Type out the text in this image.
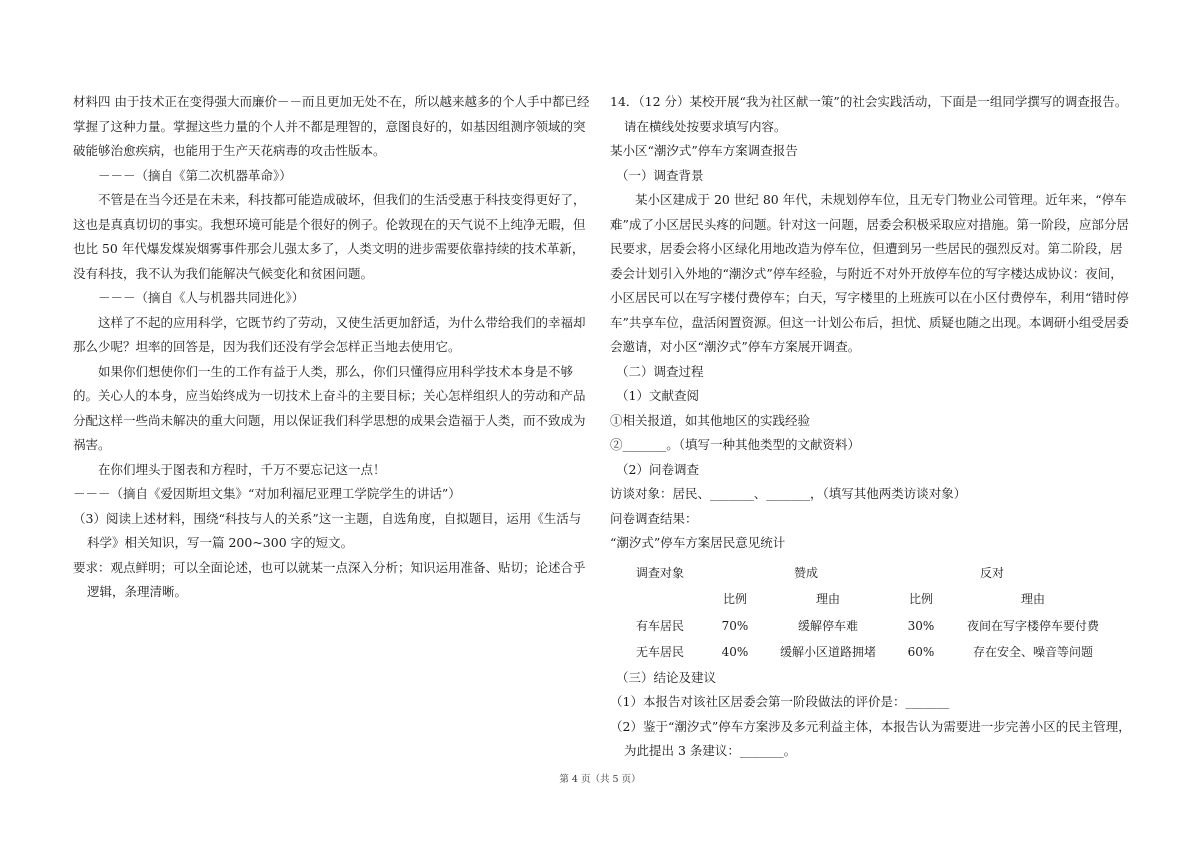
材料四 由于技术正在变得强大而廉价－－而且更加无处不在，所以越来越多的个人手中都已经掌握了这种力量。掌握这些力量的个人并不都是理智的，意图良好的，如基因组测序领域的突破能够治愈疾病，也能用于生产天花病毒的攻击性版本。

－－－（摘自《第二次机器革命》）

不管是在当今还是在未来，科技都可能造成破坏，但我们的生活受惠于科技变得更好了，这也是真真切切的事实。我想环境可能是个很好的例子。伦敦现在的天气说不上纯净无暇，但也比 50 年代爆发煤炭烟雾事件那会儿强太多了，人类文明的进步需要依靠持续的技术革新，没有科技，我不认为我们能解决气候变化和贫困问题。

－－－（摘自《人与机器共同进化》）

这样了不起的应用科学，它既节约了劳动，又使生活更加舒适，为什么带给我们的幸福却那么少呢？坦率的回答是，因为我们还没有学会怎样正当地去使用它。

如果你们想使你们一生的工作有益于人类，那么，你们只懂得应用科学技术本身是不够的。关心人的本身，应当始终成为一切技术上奋斗的主要目标；关心怎样组织人的劳动和产品分配这样一些尚未解决的重大问题，用以保证我们科学思想的成果会造福于人类，而不致成为祸害。

在你们埋头于图表和方程时，千万不要忘记这一点！

－－－（摘自《爱因斯坦文集》“对加利福尼亚理工学院学生的讲话”）

（3）阅读上述材料，围绕“科技与人的关系”这一主题，自选角度，自拟题目，运用《生活与科学》相关知识，写一篇 200~300 字的短文。

要求：观点鲜明；可以全面论述，也可以就某一点深入分析；知识运用准备、贴切；论述合乎逻辑，条理清晰。

14．（12 分）某校开展“我为社区献一策”的社会实践活动，下面是一组同学撰写的调查报告。请在横线处按要求填写内容。

某小区“潮汐式”停车方案调查报告

（一）调查背景

某小区建成于 20 世纪 80 年代，未规划停车位，且无专门物业公司管理。近年来，“停车难”成了小区居民头疼的问题。针对这一问题，居委会积极采取应对措施。第一阶段，应部分居民要求，居委会将小区绿化用地改造为停车位，但遭到另一些居民的强烈反对。第二阶段，居委会计划引入外地的“潮汐式”停车经验，与附近不对外开放停车位的写字楼达成协议：夜间，小区居民可以在写字楼付费停车；白天，写字楼里的上班族可以在小区付费停车，利用“错时停车”共享车位，盘活闲置资源。但这一计划公布后，担忧、质疑也随之出现。本调研小组受居委会邀请，对小区“潮汐式”停车方案展开调查。

（二）调查过程

（1）文献查阅

①相关报道，如其他地区的实践经验

②_______。（填写一种其他类型的文献资料）

（2）问卷调查

访谈对象：居民、_______、_______，（填写其他两类访谈对象）

问卷调查结果：

“潮汐式”停车方案居民意见统计

调查对象	赞成		反对	
	比例	理由	比例	理由
有车居民	70%	缓解停车难	30%	夜间在写字楼停车要付费
无车居民	40%	缓解小区道路拥堵	60%	存在安全、噪音等问题

（三）结论及建议

（1）本报告对该社区居委会第一阶段做法的评价是：_______

（2）鉴于“潮汐式”停车方案涉及多元利益主体，本报告认为需要进一步完善小区的民主管理，为此提出 3 条建议：_______。

第 4 页（共 5 页）
